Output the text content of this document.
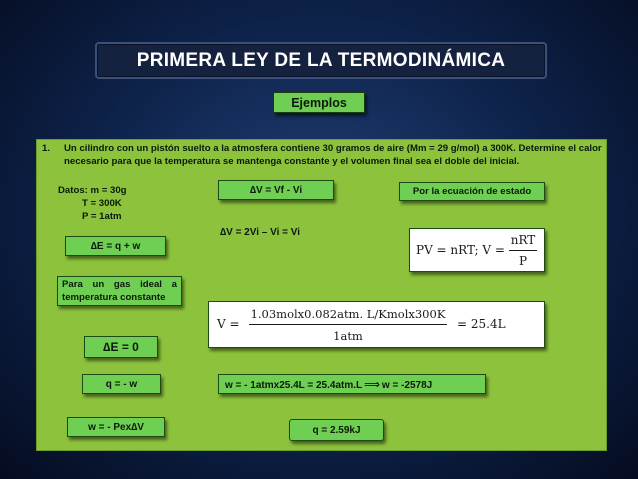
PRIMERA LEY DE LA TERMODINÁMICA
Ejemplos
1. Un cilindro con un pistón suelto a la atmosfera contiene 30 gramos de aire (Mm = 29 g/mol) a 300K. Determine el calor necesario para que la temperatura se mantenga constante y el volumen final sea el doble del inicial.
Datos: m = 30g
T = 300K
P = 1atm
∆V = Vf - Vi	Por la ecuación de estado
∆V = 2Vi – Vi = Vi
PV = nRT; V =
nRT
P
∆E = q + w
Para un gas ideal a temperatura constante
V =
1.03molx0.082atm. L/Kmolx300K
1atm
= 25.4L
∆E = 0
q = - w	w = - 1atmx25.4L = 25.4atm.L ⟹ w = -2578J
w = - Pex∆V	q = 2.59kJ
